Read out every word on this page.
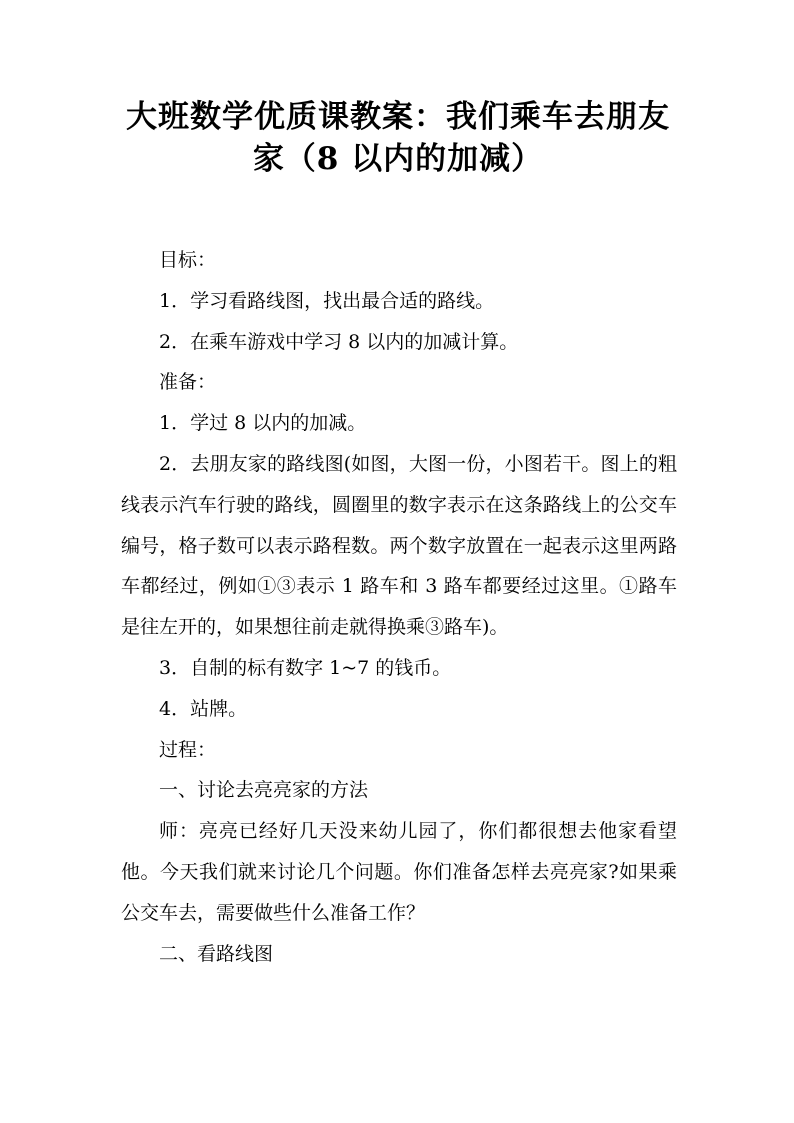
大班数学优质课教案：我们乘车去朋友
家（8 以内的加减）

目标：

1．学习看路线图，找出最合适的路线。

2．在乘车游戏中学习 8 以内的加减计算。

准备：

1．学过 8 以内的加减。

2．去朋友家的路线图(如图，大图一份，小图若干。图上的粗线表示汽车行驶的路线，圆圈里的数字表示在这条路线上的公交车编号，格子数可以表示路程数。两个数字放置在一起表示这里两路车都经过，例如①③表示 1 路车和 3 路车都要经过这里。①路车是往左开的，如果想往前走就得换乘③路车)。

3．自制的标有数字 1~7 的钱币。

4．站牌。

过程：

一、讨论去亮亮家的方法

师：亮亮已经好几天没来幼儿园了，你们都很想去他家看望他。今天我们就来讨论几个问题。你们准备怎样去亮亮家?如果乘公交车去，需要做些什么准备工作？

二、看路线图
